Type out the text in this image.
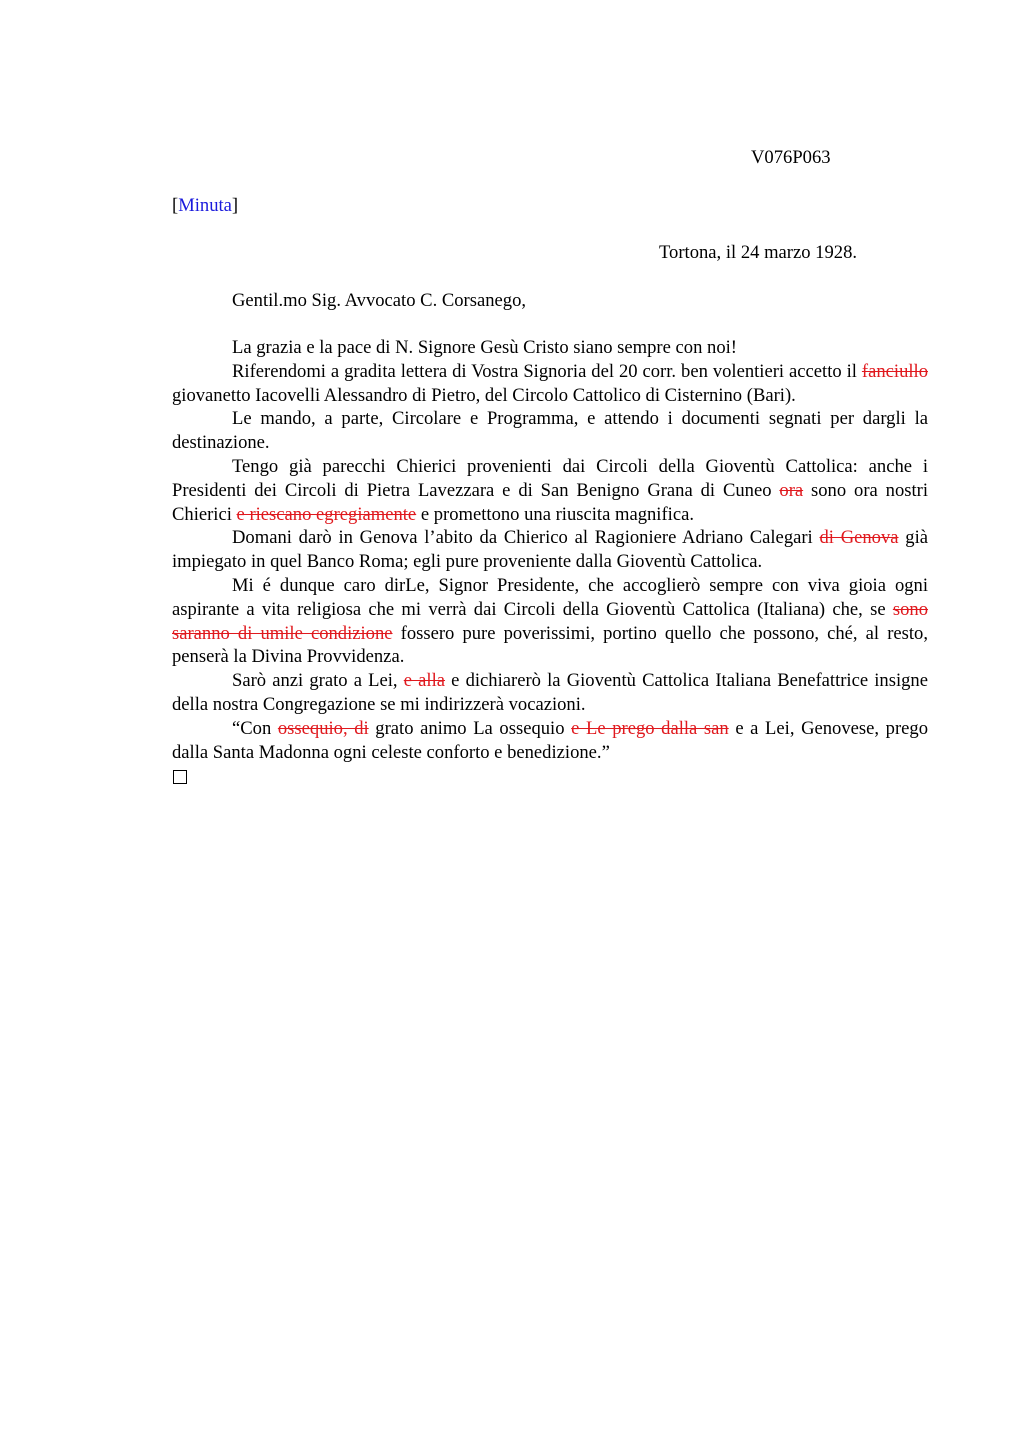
V076P063
[Minuta]
Tortona, il 24 marzo 1928.
Gentil.mo Sig. Avvocato C. Corsanego,

La grazia e la pace di N. Signore Gesù Cristo siano sempre con noi!

Riferendomi a gradita lettera di Vostra Signoria del 20 corr. ben volentieri accetto il fanciullo giovanetto Iacovelli Alessandro di Pietro, del Circolo Cattolico di Cisternino (Bari).

Le mando, a parte, Circolare e Programma, e attendo i documenti segnati per dargli la destinazione.

Tengo già parecchi Chierici provenienti dai Circoli della Gioventù Cattolica: anche i Presidenti dei Circoli di Pietra Lavezzara e di San Benigno Grana di Cuneo ora sono ora nostri Chierici e riescano egregiamente e promettono una riuscita magnifica.

Domani darò in Genova l’abito da Chierico al Ragioniere Adriano Calegari di Genova già impiegato in quel Banco Roma; egli pure proveniente dalla Gioventù Cattolica.

Mi é dunque caro dirLe, Signor Presidente, che accoglierò sempre con viva gioia ogni aspirante a vita religiosa che mi verrà dai Circoli della Gioventù Cattolica (Italiana) che, se sono saranno di umile condizione fossero pure poverissimi, portino quello che possono, ché, al resto, penserà la Divina Provvidenza.

Sarò anzi grato a Lei, e alla e dichiarerò la Gioventù Cattolica Italiana Benefattrice insigne della nostra Congregazione se mi indirizzerà vocazioni.

“Con ossequio, di grato animo La ossequio e Le prego dalla san e a Lei, Genovese, prego dalla Santa Madonna ogni celeste conforto e benedizione.”
